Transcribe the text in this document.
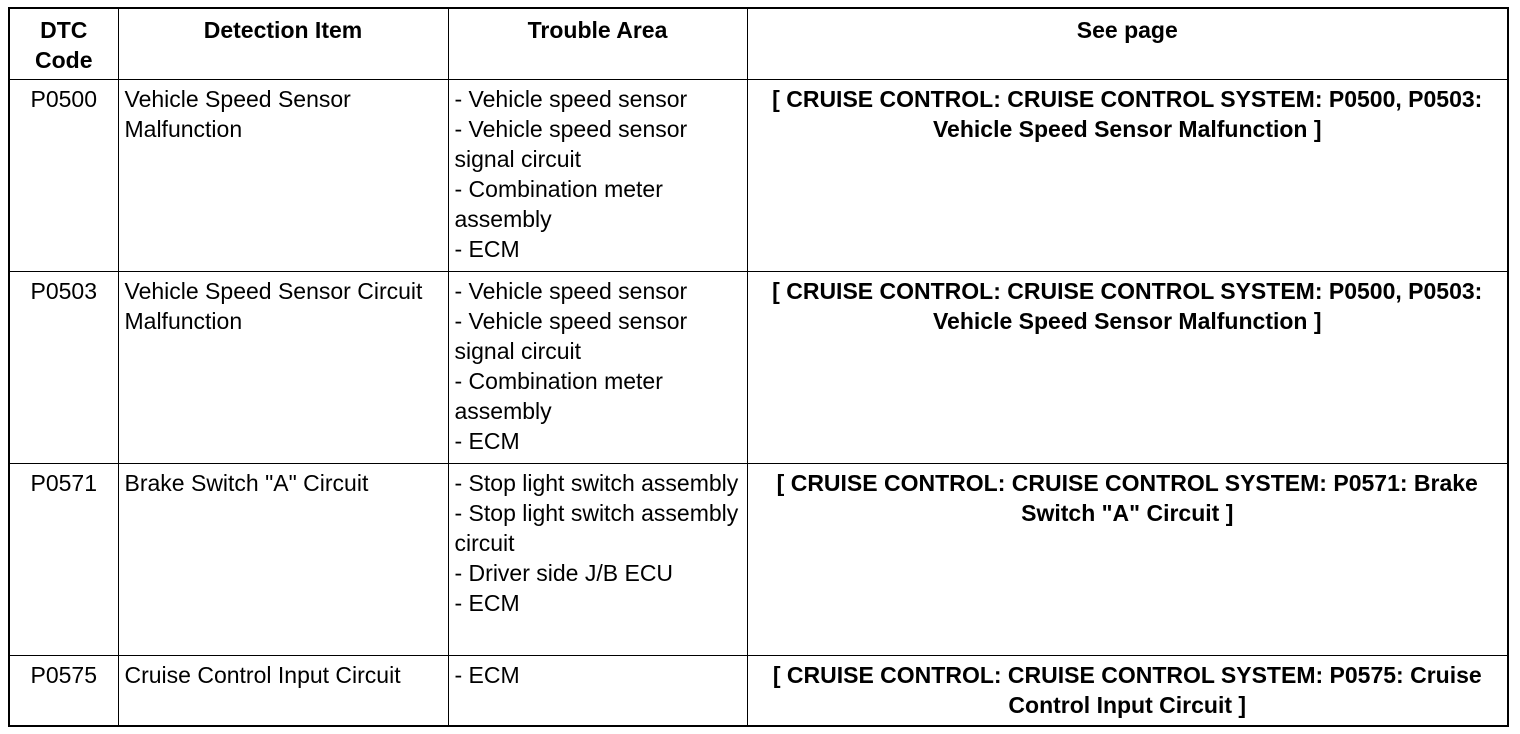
DTC Code	Detection Item	Trouble Area	See page
P0500	Vehicle Speed Sensor Malfunction	- Vehicle speed sensor
- Vehicle speed sensor signal circuit
- Combination meter assembly
- ECM	[ CRUISE CONTROL: CRUISE CONTROL SYSTEM: P0500, P0503: Vehicle Speed Sensor Malfunction ]
P0503	Vehicle Speed Sensor Circuit Malfunction	- Vehicle speed sensor
- Vehicle speed sensor signal circuit
- Combination meter assembly
- ECM	[ CRUISE CONTROL: CRUISE CONTROL SYSTEM: P0500, P0503: Vehicle Speed Sensor Malfunction ]
P0571	Brake Switch "A" Circuit	- Stop light switch assembly
- Stop light switch assembly circuit
- Driver side J/B ECU
- ECM	[ CRUISE CONTROL: CRUISE CONTROL SYSTEM: P0571: Brake Switch "A" Circuit ]
P0575	Cruise Control Input Circuit	- ECM	[ CRUISE CONTROL: CRUISE CONTROL SYSTEM: P0575: Cruise Control Input Circuit ]
